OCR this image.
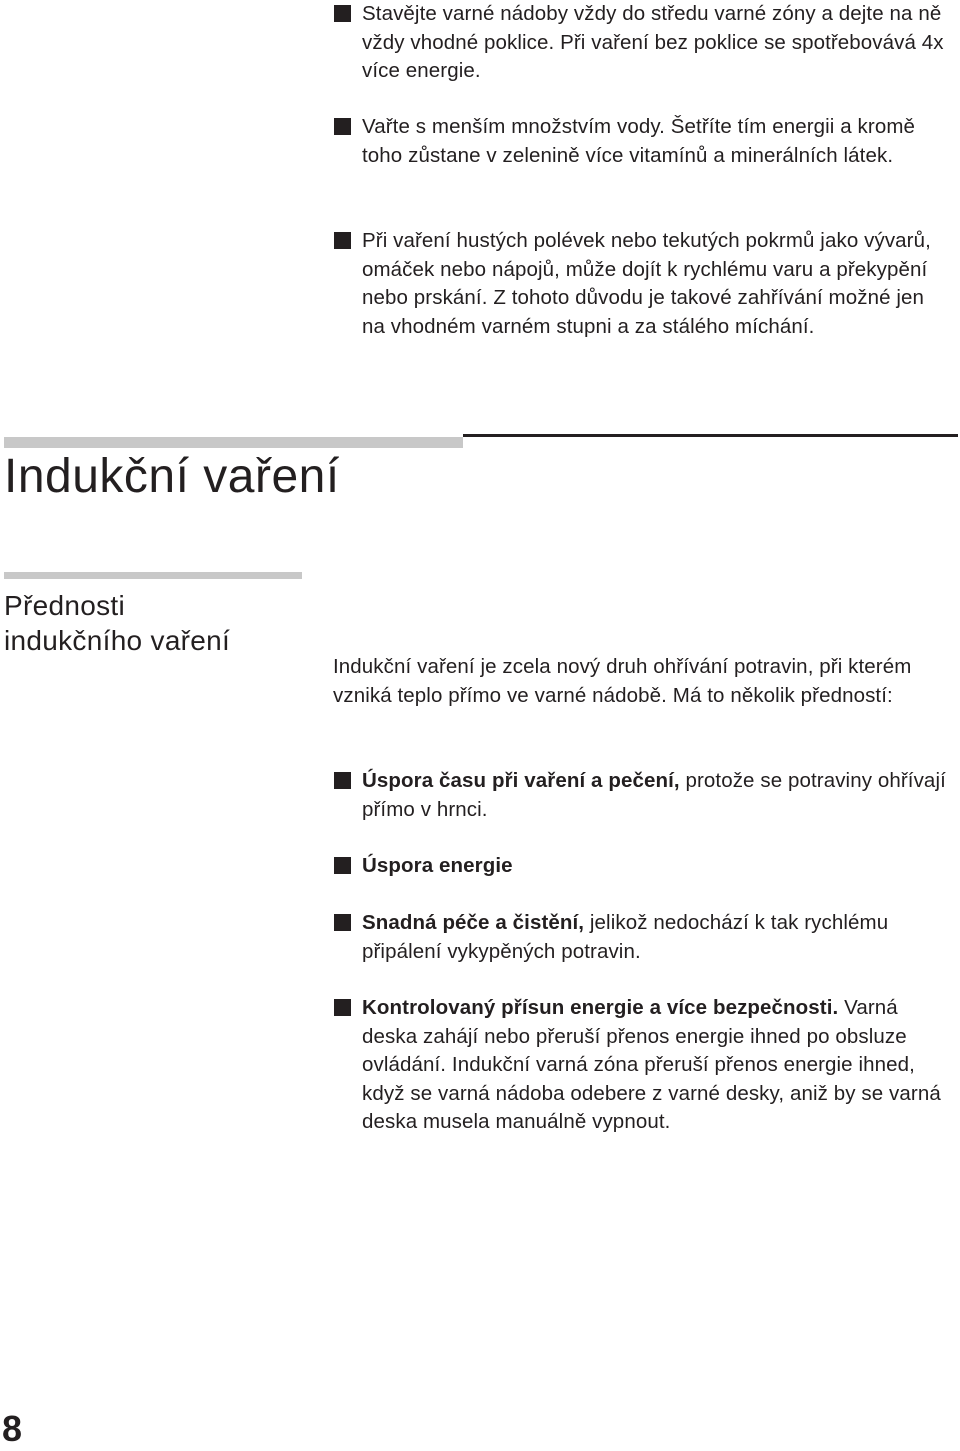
Stavějte varné nádoby vždy do středu varné zóny a dejte na ně vždy vhodné poklice. Při vaření bez poklice se spotřebovává 4x více energie.
Vařte s menším množstvím vody. Šetříte tím energii a kromě toho zůstane v zelenině více vitamínů a minerálních látek.
Při vaření hustých polévek nebo tekutých pokrmů jako vývarů, omáček nebo nápojů, může dojít k rychlému varu a překypění nebo prskání. Z tohoto důvodu je takové zahřívání možné jen na vhodném varném stupni a za stálého míchání.
Indukční vaření
Přednosti
indukčního vaření

Indukční vaření je zcela nový druh ohřívání potravin, při kterém vzniká teplo přímo ve varné nádobě. Má to několik předností:

Úspora času při vaření a pečení, protože se potraviny ohřívají přímo v hrnci.
Úspora energie
Snadná péče a čistění, jelikož nedochází k tak rychlému připálení vykypěných potravin.
Kontrolovaný přísun energie a více bezpečnosti. Varná deska zahájí nebo přeruší přenos energie ihned po obsluze ovládání. Indukční varná zóna přeruší přenos energie ihned, když se varná nádoba odebere z varné desky, aniž by se varná deska musela manuálně vypnout.
8
